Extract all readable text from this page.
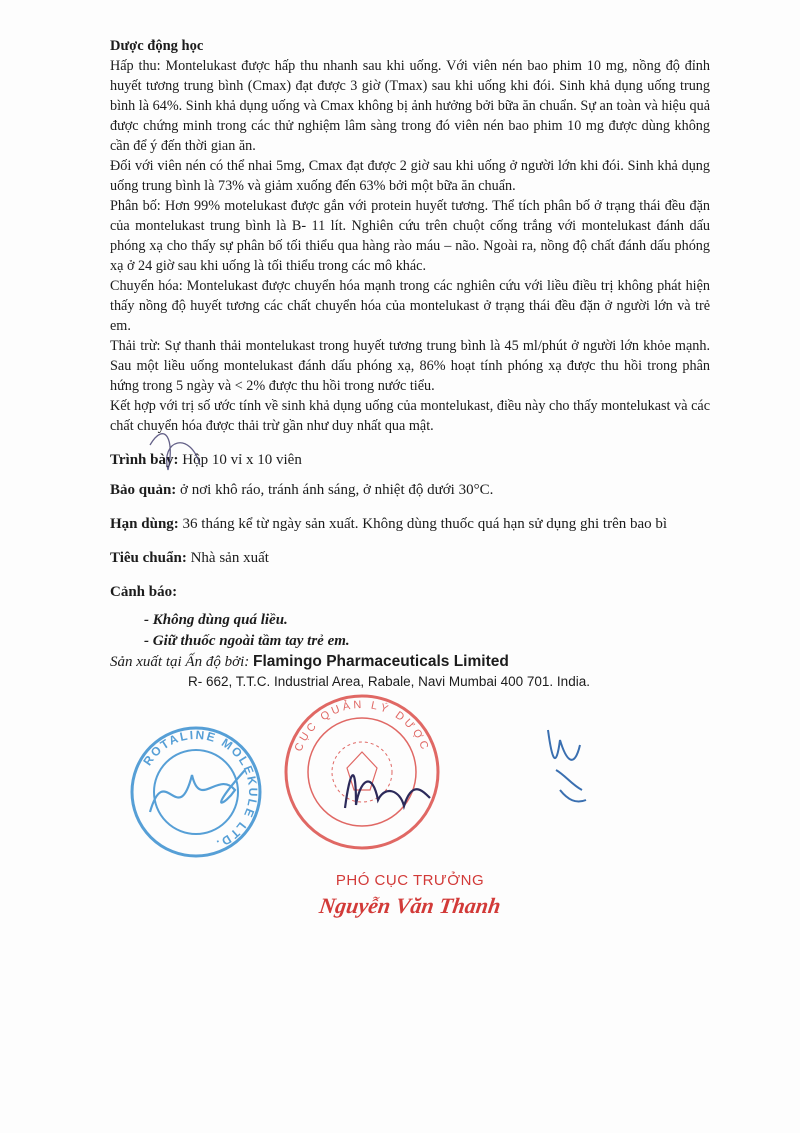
Dược động học

Hấp thu: Montelukast được hấp thu nhanh sau khi uống. Với viên nén bao phim 10 mg, nồng độ đỉnh huyết tương trung bình (Cmax) đạt được 3 giờ (Tmax) sau khi uống khi đói. Sinh khả dụng uống trung bình là 64%. Sinh khả dụng uống và Cmax không bị ảnh hưởng bởi bữa ăn chuẩn. Sự an toàn và hiệu quả được chứng minh trong các thử nghiệm lâm sàng trong đó viên nén bao phim 10 mg được dùng không cần để ý đến thời gian ăn.

Đối với viên nén có thể nhai 5mg, Cmax đạt được 2 giờ sau khi uống ở người lớn khi đói. Sinh khả dụng uống trung bình là 73% và giảm xuống đến 63% bởi một bữa ăn chuẩn.

Phân bố: Hơn 99% motelukast được gắn với protein huyết tương. Thể tích phân bố ở trạng thái đều đặn của montelukast trung bình là B- 11 lít. Nghiên cứu trên chuột cống trắng với montelukast đánh dấu phóng xạ cho thấy sự phân bố tối thiểu qua hàng rào máu – não. Ngoài ra, nồng độ chất đánh dấu phóng xạ ở 24 giờ sau khi uống là tối thiểu trong các mô khác.

Chuyển hóa: Montelukast được chuyển hóa mạnh trong các nghiên cứu với liều điều trị không phát hiện thấy nồng độ huyết tương các chất chuyển hóa của montelukast ở trạng thái đều đặn ở người lớn và trẻ em.

Thải trừ: Sự thanh thải montelukast trong huyết tương trung bình là 45 ml/phút ở người lớn khỏe mạnh. Sau một liều uống montelukast đánh dấu phóng xạ, 86% hoạt tính phóng xạ được thu hồi trong phân hứng trong 5 ngày và < 2% được thu hồi trong nước tiểu.

Kết hợp với trị số ước tính về sinh khả dụng uống của montelukast, điều này cho thấy montelukast và các chất chuyển hóa được thải trừ gần như duy nhất qua mật.

Trình bày: Hộp 10 vỉ x 10 viên

Bảo quản: ở nơi khô ráo, tránh ánh sáng, ở nhiệt độ dưới 30°C.

Hạn dùng: 36 tháng kể từ ngày sản xuất. Không dùng thuốc quá hạn sử dụng ghi trên bao bì

Tiêu chuẩn: Nhà sản xuất

Cảnh báo:
- Không dùng quá liều.
- Giữ thuốc ngoài tầm tay trẻ em.
Sản xuất tại Ấn độ bởi: Flamingo Pharmaceuticals Limited
R- 662, T.T.C. Industrial Area, Rabale, Navi Mumbai 400 701. India.
ROTALINE MOLEKULE LTD.
CỤC QUẢN LÝ DƯỢC
PHÓ CỤC TRƯỞNG
Nguyễn Văn Thanh
